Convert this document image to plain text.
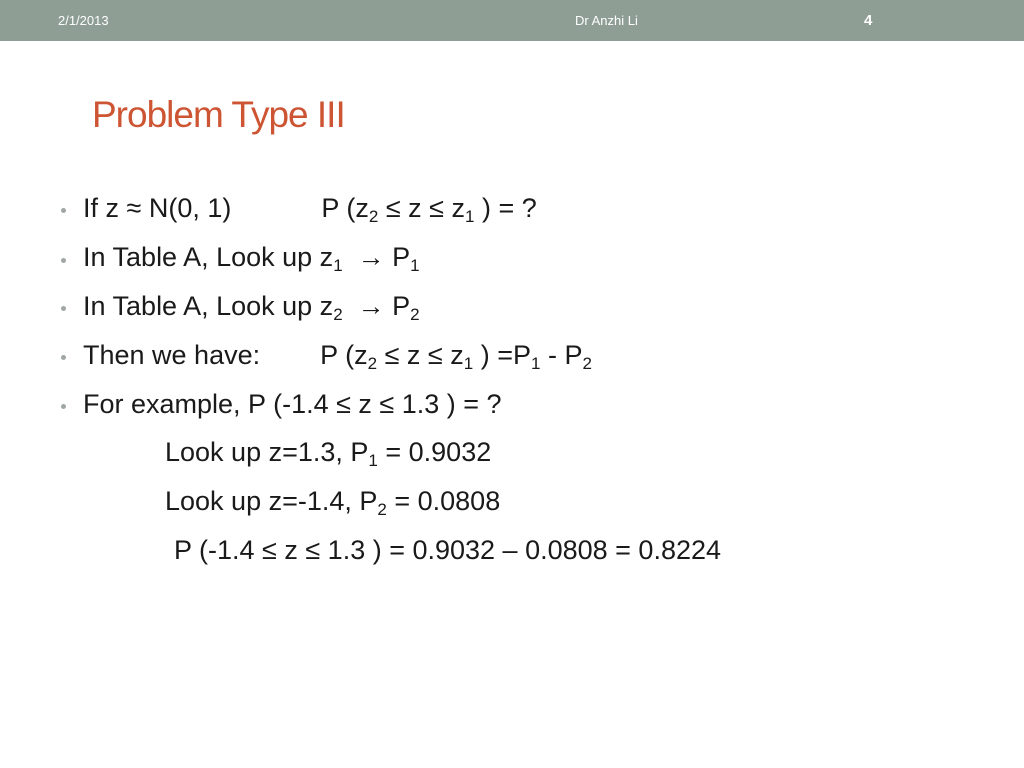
2/1/2013	Dr Anzhi Li	4
Problem Type III
If z ≈ N(0, 1)            P ($z_2 \le z \le z_1$ ) = ?
In Table A, Look up $z_1 \to P_1$
In Table A, Look up $z_2 \to P_2$
Then we have:        P ($z_2 \le z \le z_1$ ) $=P_1 - P_2$
For example, P (-1.4 ≤ z ≤ 1.3 ) = ?
Look up z=1.3, $P_1 = 0.9032$
Look up z=-1.4, $P_2 = 0.0808$
P (-1.4 ≤ z ≤ 1.3 ) = 0.9032 – 0.0808 = 0.8224
